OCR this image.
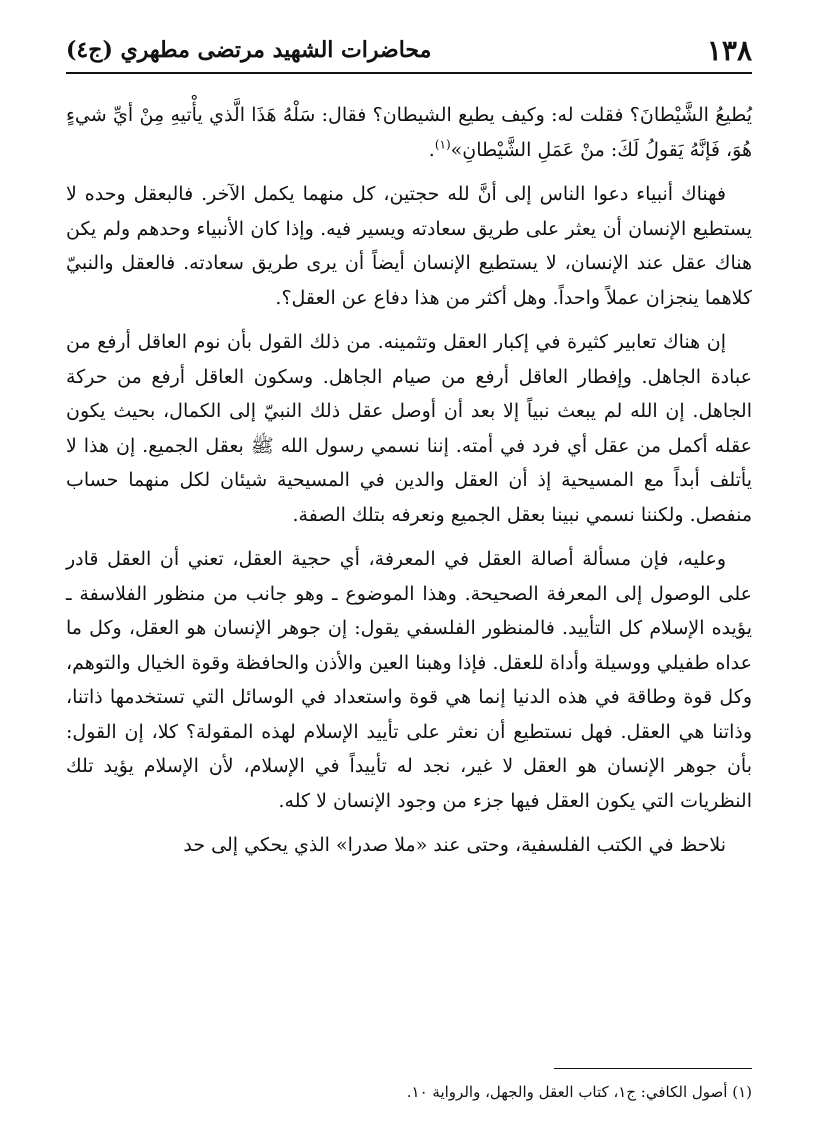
١٣٨
محاضرات الشهيد مرتضى مطهري (ج٤)

يُطيعُ الشَّيْطانَ؟ فقلت له: وكيف يطيع الشيطان؟ فقال: سَلْهُ هَذَا الَّذي يأْتيهِ مِنْ أيِّ شيءٍ هُوَ، فَإنَّهُ يَقولُ لَكَ: منْ عَمَلِ الشَّيْطانِ»$^{(١)}$.

فهناك أنبياء دعوا الناس إلى أنَّ لله حجتين، كل منهما يكمل الآخر. فالبعقل وحده لا يستطيع الإنسان أن يعثر على طريق سعادته ويسير فيه. وإذا كان الأنبياء وحدهم ولم يكن هناك عقل عند الإنسان، لا يستطيع الإنسان أيضاً أن يرى طريق سعادته. فالعقل والنبيّ كلاهما ينجزان عملاً واحداً. وهل أكثر من هذا دفاع عن العقل؟.

إن هناك تعابير كثيرة في إكبار العقل وتثمينه. من ذلك القول بأن نوم العاقل أرفع من عبادة الجاهل. وإفطار العاقل أرفع من صيام الجاهل. وسكون العاقل أرفع من حركة الجاهل. إن الله لم يبعث نبياً إلا بعد أن أوصل عقل ذلك النبيّ إلى الكمال، بحيث يكون عقله أكمل من عقل أي فرد في أمته. إننا نسمي رسول الله ﷺ بعقل الجميع. إن هذا لا يأتلف أبداً مع المسيحية إذ أن العقل والدين في المسيحية شيئان لكل منهما حساب منفصل. ولكننا نسمي نبينا بعقل الجميع ونعرفه بتلك الصفة.

وعليه، فإن مسألة أصالة العقل في المعرفة، أي حجية العقل، تعني أن العقل قادر على الوصول إلى المعرفة الصحيحة. وهذا الموضوع ـ وهو جانب من منظور الفلاسفة ـ يؤيده الإسلام كل التأييد. فالمنظور الفلسفي يقول: إن جوهر الإنسان هو العقل، وكل ما عداه طفيلي ووسيلة وأداة للعقل. فإذا وهبنا العين والأذن والحافظة وقوة الخيال والتوهم، وكل قوة وطاقة في هذه الدنيا إنما هي قوة واستعداد في الوسائل التي تستخدمها ذاتنا، وذاتنا هي العقل. فهل نستطيع أن نعثر على تأييد الإسلام لهذه المقولة؟ كلا، إن القول: بأن جوهر الإنسان هو العقل لا غير، نجد له تأييداً في الإسلام، لأن الإسلام يؤيد تلك النظريات التي يكون العقل فيها جزء من وجود الإنسان لا كله.

نلاحظ في الكتب الفلسفية، وحتى عند «ملا صدرا» الذي يحكي إلى حد

(١) أصول الكافي: ج١، كتاب العقل والجهل، والرواية ١٠.
